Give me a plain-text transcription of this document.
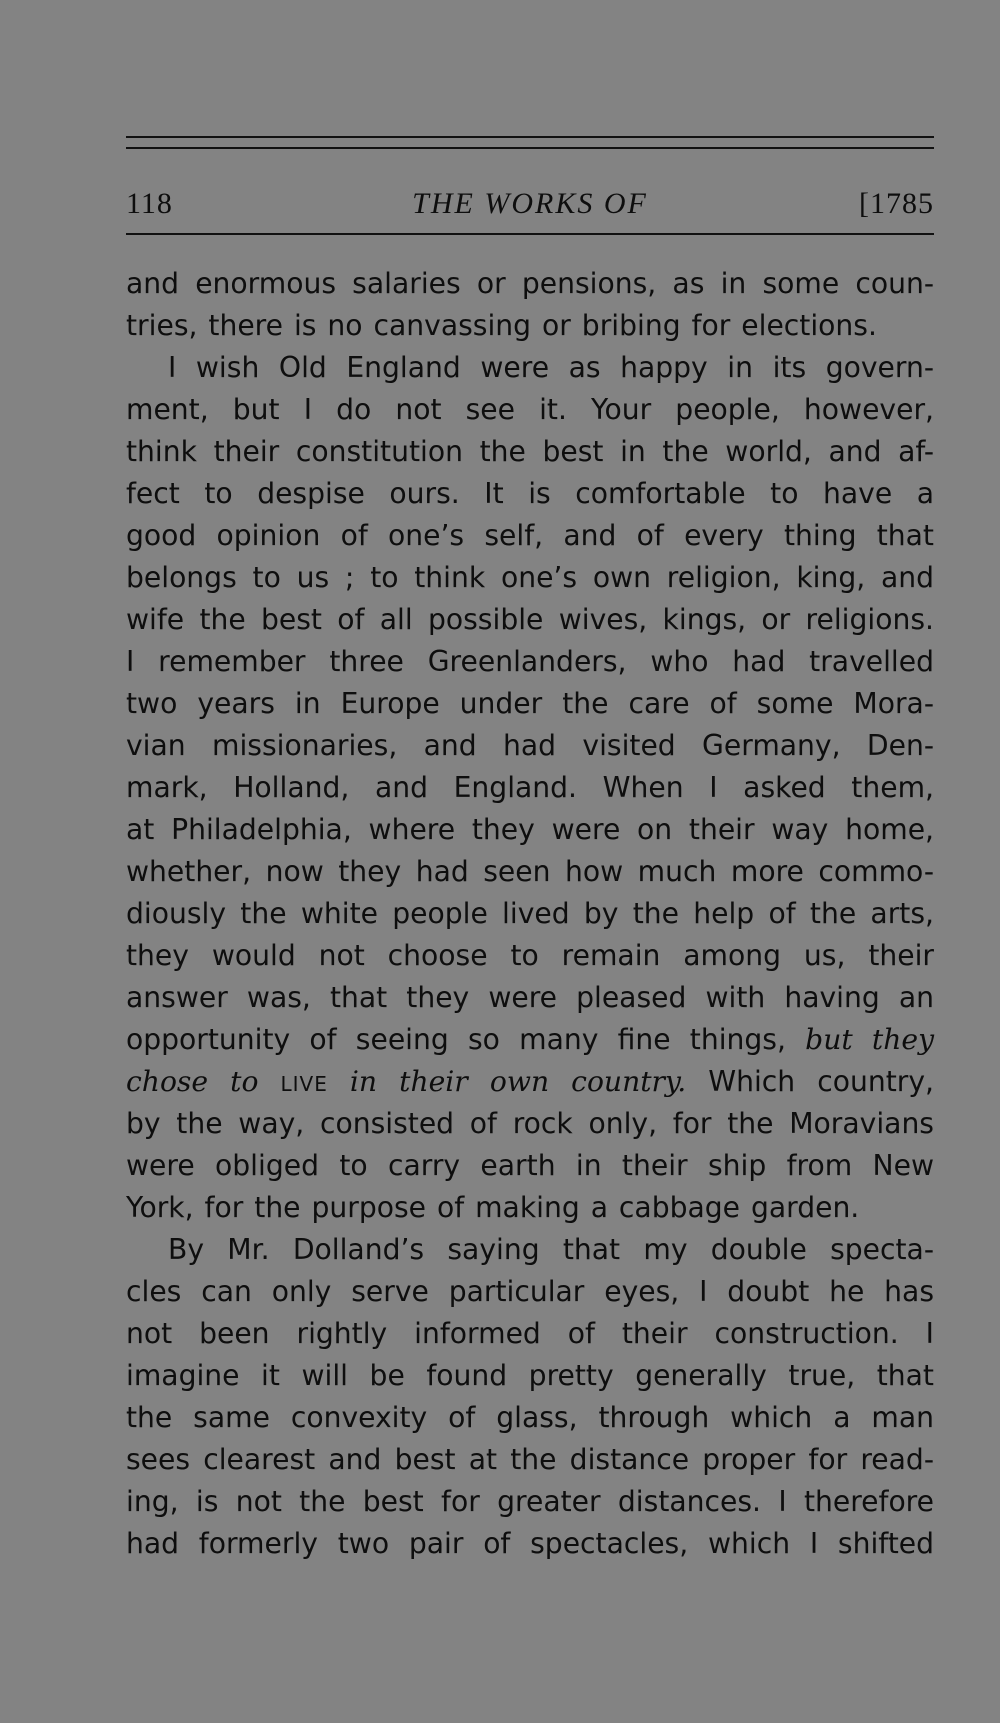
118	THE WORKS OF	[1785
and enormous salaries or pensions, as in some coun-
tries, there is no canvassing or bribing for elections.
I wish Old England were as happy in its govern-
ment, but I do not see it. Your people, however,
think their constitution the best in the world, and af-
fect to despise ours. It is comfortable to have a
good opinion of one’s self, and of every thing that
belongs to us ; to think one’s own religion, king, and
wife the best of all possible wives, kings, or religions.
I remember three Greenlanders, who had travelled
two years in Europe under the care of some Mora-
vian missionaries, and had visited Germany, Den-
mark, Holland, and England. When I asked them,
at Philadelphia, where they were on their way home,
whether, now they had seen how much more commo-
diously the white people lived by the help of the arts,
they would not choose to remain among us, their
answer was, that they were pleased with having an
opportunity of seeing so many fine things, but they
chose to live in their own country. Which country,
by the way, consisted of rock only, for the Moravians
were obliged to carry earth in their ship from New
York, for the purpose of making a cabbage garden.
By Mr. Dolland’s saying that my double specta-
cles can only serve particular eyes, I doubt he has
not been rightly informed of their construction. I
imagine it will be found pretty generally true, that
the same convexity of glass, through which a man
sees clearest and best at the distance proper for read-
ing, is not the best for greater distances. I therefore
had formerly two pair of spectacles, which I shifted
